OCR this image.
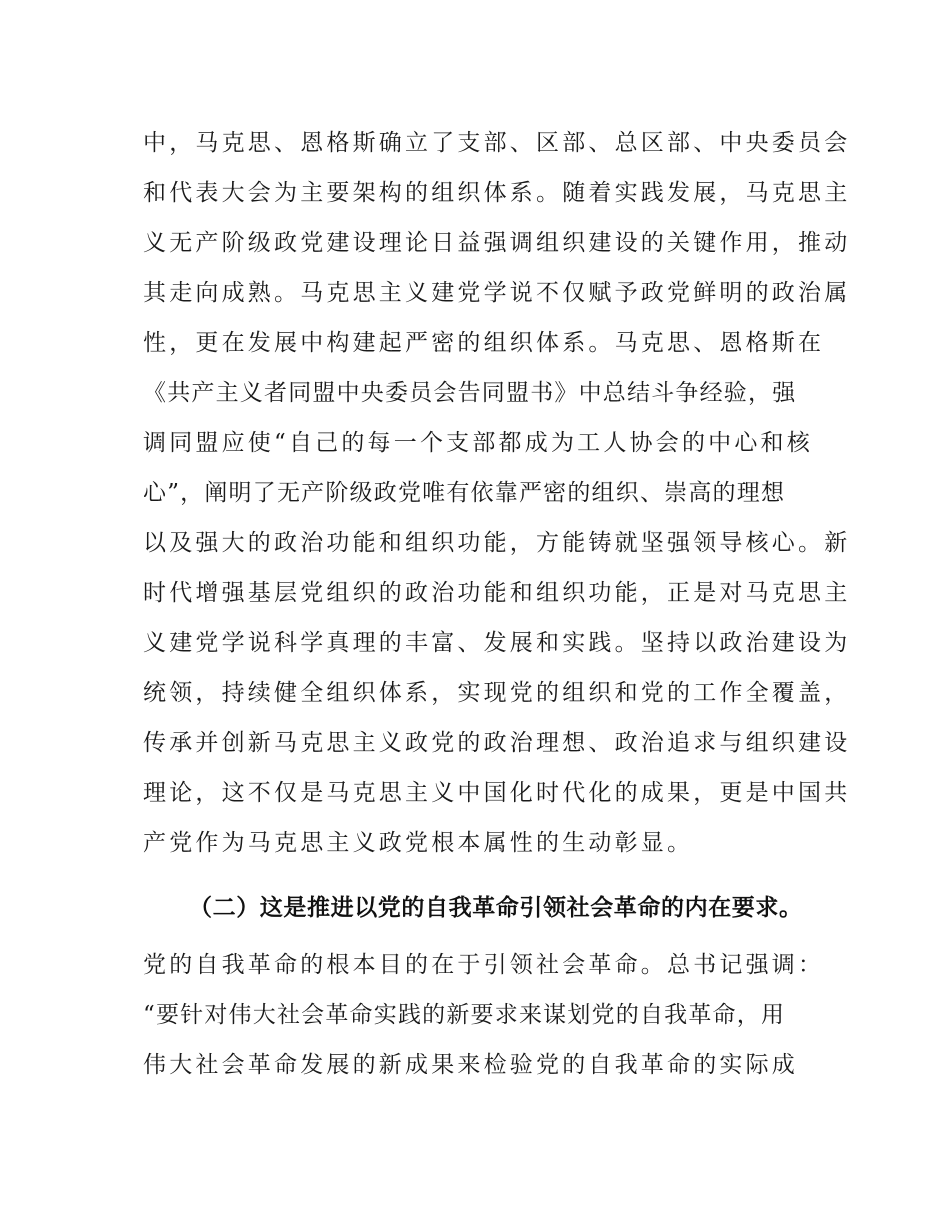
中，马克思、恩格斯确立了支部、区部、总区部、中央委员会
和代表大会为主要架构的组织体系。随着实践发展，马克思主
义无产阶级政党建设理论日益强调组织建设的关键作用，推动
其走向成熟。马克思主义建党学说不仅赋予政党鲜明的政治属
性，更在发展中构建起严密的组织体系。马克思、恩格斯在
《共产主义者同盟中央委员会告同盟书》中总结斗争经验，强
调同盟应使“自己的每一个支部都成为工人协会的中心和核
心”，阐明了无产阶级政党唯有依靠严密的组织、崇高的理想
以及强大的政治功能和组织功能，方能铸就坚强领导核心。新
时代增强基层党组织的政治功能和组织功能，正是对马克思主
义建党学说科学真理的丰富、发展和实践。坚持以政治建设为
统领，持续健全组织体系，实现党的组织和党的工作全覆盖，
传承并创新马克思主义政党的政治理想、政治追求与组织建设
理论，这不仅是马克思主义中国化时代化的成果，更是中国共
产党作为马克思主义政党根本属性的生动彰显。
（二）这是推进以党的自我革命引领社会革命的内在要求。
党的自我革命的根本目的在于引领社会革命。总书记强调：
“要针对伟大社会革命实践的新要求来谋划党的自我革命，用
伟大社会革命发展的新成果来检验党的自我革命的实际成
